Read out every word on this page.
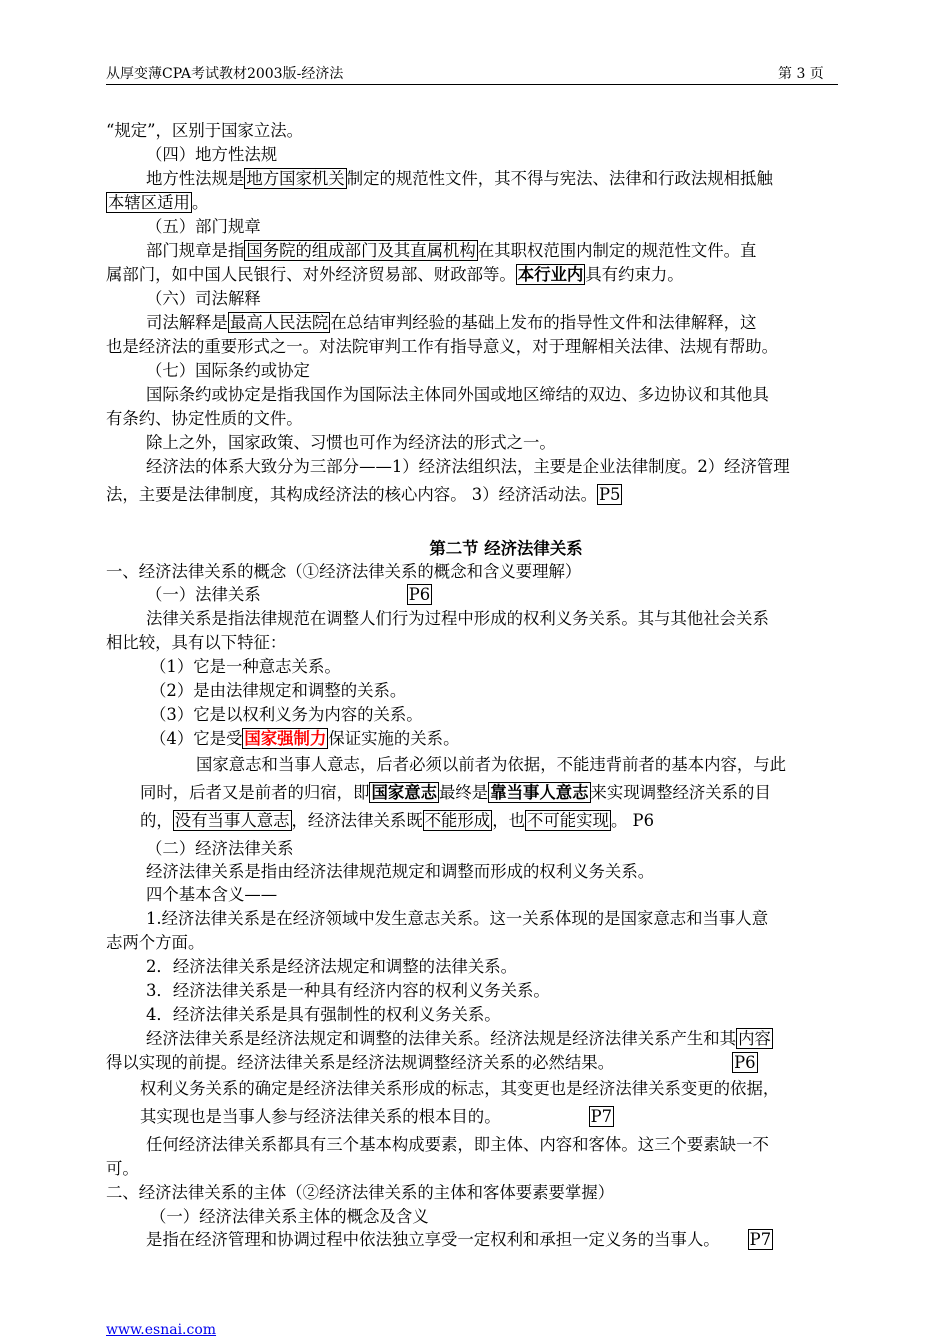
从厚变薄CPA考试教材2003版-经济法	第 3 页
“规定”，区别于国家立法。
（四）地方性法规
地方性法规是 地方国家机关 制定的规范性文件，其不得与宪法、法律和行政法规相抵触
本辖区适用 。
（五）部门规章
部门规章是指 国务院的组成部门及其直属机构 在其职权范围内制定的规范性文件。直
属部门，如中国人民银行、对外经济贸易部、财政部等。 本行业内 具有约束力。
（六）司法解释
司法解释是 最高人民法院 在总结审判经验的基础上发布的指导性文件和法律解释，这
也是经济法的重要形式之一。对法院审判工作有指导意义，对于理解相关法律、法规有帮助。
（七）国际条约或协定
国际条约或协定是指我国作为国际法主体同外国或地区缔结的双边、多边协议和其他具
有条约、协定性质的文件。
除上之外，国家政策、习惯也可作为经济法的形式之一。
经济法的体系大致分为三部分——1）经济法组织法，主要是企业法律制度。2）经济管理
法，主要是法律制度，其构成经济法的核心内容。 3）经济活动法。 P5
第二节 经济法律关系
一、经济法律关系的概念（①经济法律关系的概念和含义要理解）
（一）法律关系	P6
法律关系是指法律规范在调整人们行为过程中形成的权利义务关系。其与其他社会关系
相比较，具有以下特征：
（1）它是一种意志关系。
（2）是由法律规定和调整的关系。
（3）它是以权利义务为内容的关系。
（4）它是受 国家强制力 保证实施的关系。
国家意志和当事人意志，后者必须以前者为依据，不能违背前者的基本内容，与此
同时，后者又是前者的归宿，即 国家意志 最终是 靠当事人意志 来实现调整经济关系的目
的， 没有当事人意志 ，经济法律关系既 不能形成 ，也 不可能实现 。 P6
（二）经济法律关系
经济法律关系是指由经济法律规范规定和调整而形成的权利义务关系。
四个基本含义——
1.经济法律关系是在经济领域中发生意志关系。这一关系体现的是国家意志和当事人意
志两个方面。
2．经济法律关系是经济法规定和调整的法律关系。
3．经济法律关系是一种具有经济内容的权利义务关系。
4．经济法律关系是具有强制性的权利义务关系。
经济法律关系是经济法规定和调整的法律关系。经济法规是经济法律关系产生和其 内容
得以实现的前提。经济法律关系是经济法规调整经济关系的必然结果。	P6
权利义务关系的确定是经济法律关系形成的标志，其变更也是经济法律关系变更的依据，
其实现也是当事人参与经济法律关系的根本目的。	P7
任何经济法律关系都具有三个基本构成要素，即主体、内容和客体。这三个要素缺一不
可。
二、经济法律关系的主体（②经济法律关系的主体和客体要素要掌握）
（一）经济法律关系主体的概念及含义
是指在经济管理和协调过程中依法独立享受一定权利和承担一定义务的当事人。 P7
www.esnai.com
